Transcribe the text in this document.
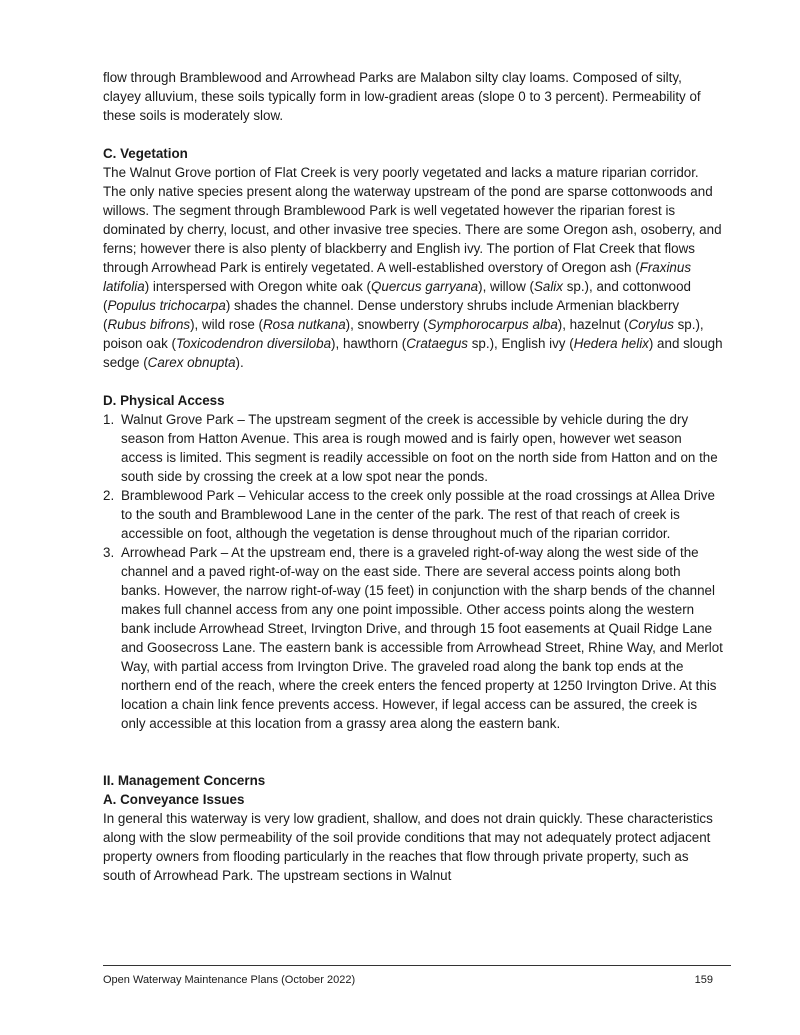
flow through Bramblewood and Arrowhead Parks are Malabon silty clay loams. Composed of silty, clayey alluvium, these soils typically form in low-gradient areas (slope 0 to 3 percent). Permeability of these soils is moderately slow.

C. Vegetation

The Walnut Grove portion of Flat Creek is very poorly vegetated and lacks a mature riparian corridor. The only native species present along the waterway upstream of the pond are sparse cottonwoods and willows. The segment through Bramblewood Park is well vegetated however the riparian forest is dominated by cherry, locust, and other invasive tree species. There are some Oregon ash, osoberry, and ferns; however there is also plenty of blackberry and English ivy. The portion of Flat Creek that flows through Arrowhead Park is entirely vegetated. A well-established overstory of Oregon ash (Fraxinus latifolia) interspersed with Oregon white oak (Quercus garryana), willow (Salix sp.), and cottonwood (Populus trichocarpa) shades the channel. Dense understory shrubs include Armenian blackberry (Rubus bifrons), wild rose (Rosa nutkana), snowberry (Symphorocarpus alba), hazelnut (Corylus sp.), poison oak (Toxicodendron diversiloba), hawthorn (Crataegus sp.), English ivy (Hedera helix) and slough sedge (Carex obnupta).

D. Physical Access

1. Walnut Grove Park – The upstream segment of the creek is accessible by vehicle during the dry season from Hatton Avenue. This area is rough mowed and is fairly open, however wet season access is limited. This segment is readily accessible on foot on the north side from Hatton and on the south side by crossing the creek at a low spot near the ponds.
2. Bramblewood Park – Vehicular access to the creek only possible at the road crossings at Allea Drive to the south and Bramblewood Lane in the center of the park. The rest of that reach of creek is accessible on foot, although the vegetation is dense throughout much of the riparian corridor.
3. Arrowhead Park – At the upstream end, there is a graveled right-of-way along the west side of the channel and a paved right-of-way on the east side. There are several access points along both banks. However, the narrow right-of-way (15 feet) in conjunction with the sharp bends of the channel makes full channel access from any one point impossible. Other access points along the western bank include Arrowhead Street, Irvington Drive, and through 15 foot easements at Quail Ridge Lane and Goosecross Lane. The eastern bank is accessible from Arrowhead Street, Rhine Way, and Merlot Way, with partial access from Irvington Drive. The graveled road along the bank top ends at the northern end of the reach, where the creek enters the fenced property at 1250 Irvington Drive. At this location a chain link fence prevents access. However, if legal access can be assured, the creek is only accessible at this location from a grassy area along the eastern bank.

II. Management Concerns

A. Conveyance Issues

In general this waterway is very low gradient, shallow, and does not drain quickly. These characteristics along with the slow permeability of the soil provide conditions that may not adequately protect adjacent property owners from flooding particularly in the reaches that flow through private property, such as south of Arrowhead Park. The upstream sections in Walnut

Open Waterway Maintenance Plans (October 2022)	159
